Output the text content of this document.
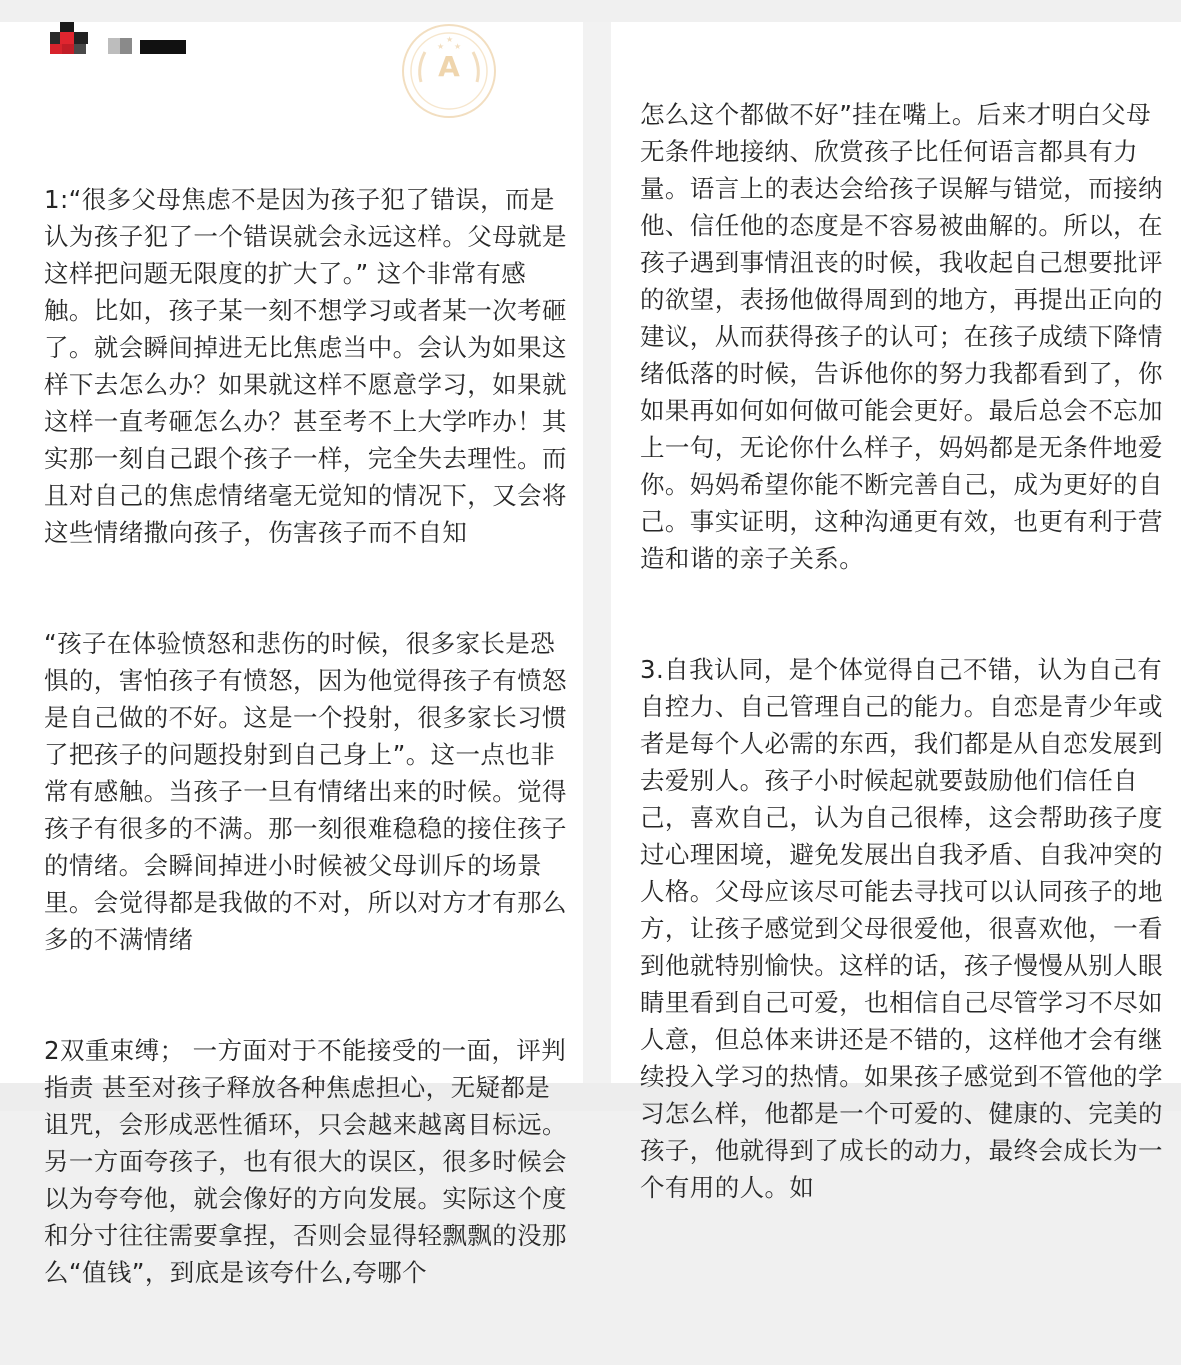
1:“很多父母焦虑不是因为孩子犯了错误，而是认为孩子犯了一个错误就会永远这样。父母就是这样把问题无限度的扩大了。” 这个非常有感触。比如，孩子某一刻不想学习或者某一次考砸了。就会瞬间掉进无比焦虑当中。会认为如果这样下去怎么办？如果就这样不愿意学习，如果就这样一直考砸怎么办？甚至考不上大学咋办！其实那一刻自己跟个孩子一样，完全失去理性。而且对自己的焦虑情绪毫无觉知的情况下，又会将这些情绪撒向孩子，伤害孩子而不自知

“孩子在体验愤怒和悲伤的时候，很多家长是恐惧的，害怕孩子有愤怒，因为他觉得孩子有愤怒是自己做的不好。这是一个投射，很多家长习惯了把孩子的问题投射到自己身上”。这一点也非常有感触。当孩子一旦有情绪出来的时候。觉得孩子有很多的不满。那一刻很难稳稳的接住孩子的情绪。会瞬间掉进小时候被父母训斥的场景里。会觉得都是我做的不对，所以对方才有那么多的不满情绪

2双重束缚； 一方面对于不能接受的一面，评判 指责 甚至对孩子释放各种焦虑担心，无疑都是诅咒，会形成恶性循环，只会越来越离目标远。另一方面夸孩子，也有很大的误区，很多时候会以为夸夸他，就会像好的方向发展。实际这个度和分寸往往需要拿捏，否则会显得轻飘飘的没那么“值钱”，到底是该夸什么,夸哪个

★ ★
★
A

怎么这个都做不好”挂在嘴上。后来才明白父母无条件地接纳、欣赏孩子比任何语言都具有力量。语言上的表达会给孩子误解与错觉，而接纳他、信任他的态度是不容易被曲解的。所以，在孩子遇到事情沮丧的时候，我收起自己想要批评的欲望，表扬他做得周到的地方，再提出正向的建议，从而获得孩子的认可；在孩子成绩下降情绪低落的时候，告诉他你的努力我都看到了，你如果再如何如何做可能会更好。最后总会不忘加上一句，无论你什么样子，妈妈都是无条件地爱你。妈妈希望你能不断完善自己，成为更好的自己。事实证明，这种沟通更有效，也更有利于营造和谐的亲子关系。

3.自我认同，是个体觉得自己不错，认为自己有自控力、自己管理自己的能力。自恋是青少年或者是每个人必需的东西，我们都是从自恋发展到去爱别人。孩子小时候起就要鼓励他们信任自己，喜欢自己，认为自己很棒，这会帮助孩子度过心理困境，避免发展出自我矛盾、自我冲突的人格。父母应该尽可能去寻找可以认同孩子的地方，让孩子感觉到父母很爱他，很喜欢他，一看到他就特别愉快。这样的话，孩子慢慢从别人眼睛里看到自己可爱，也相信自己尽管学习不尽如人意，但总体来讲还是不错的，这样他才会有继续投入学习的热情。如果孩子感觉到不管他的学习怎么样，他都是一个可爱的、健康的、完美的孩子，他就得到了成长的动力，最终会成长为一个有用的人。如
